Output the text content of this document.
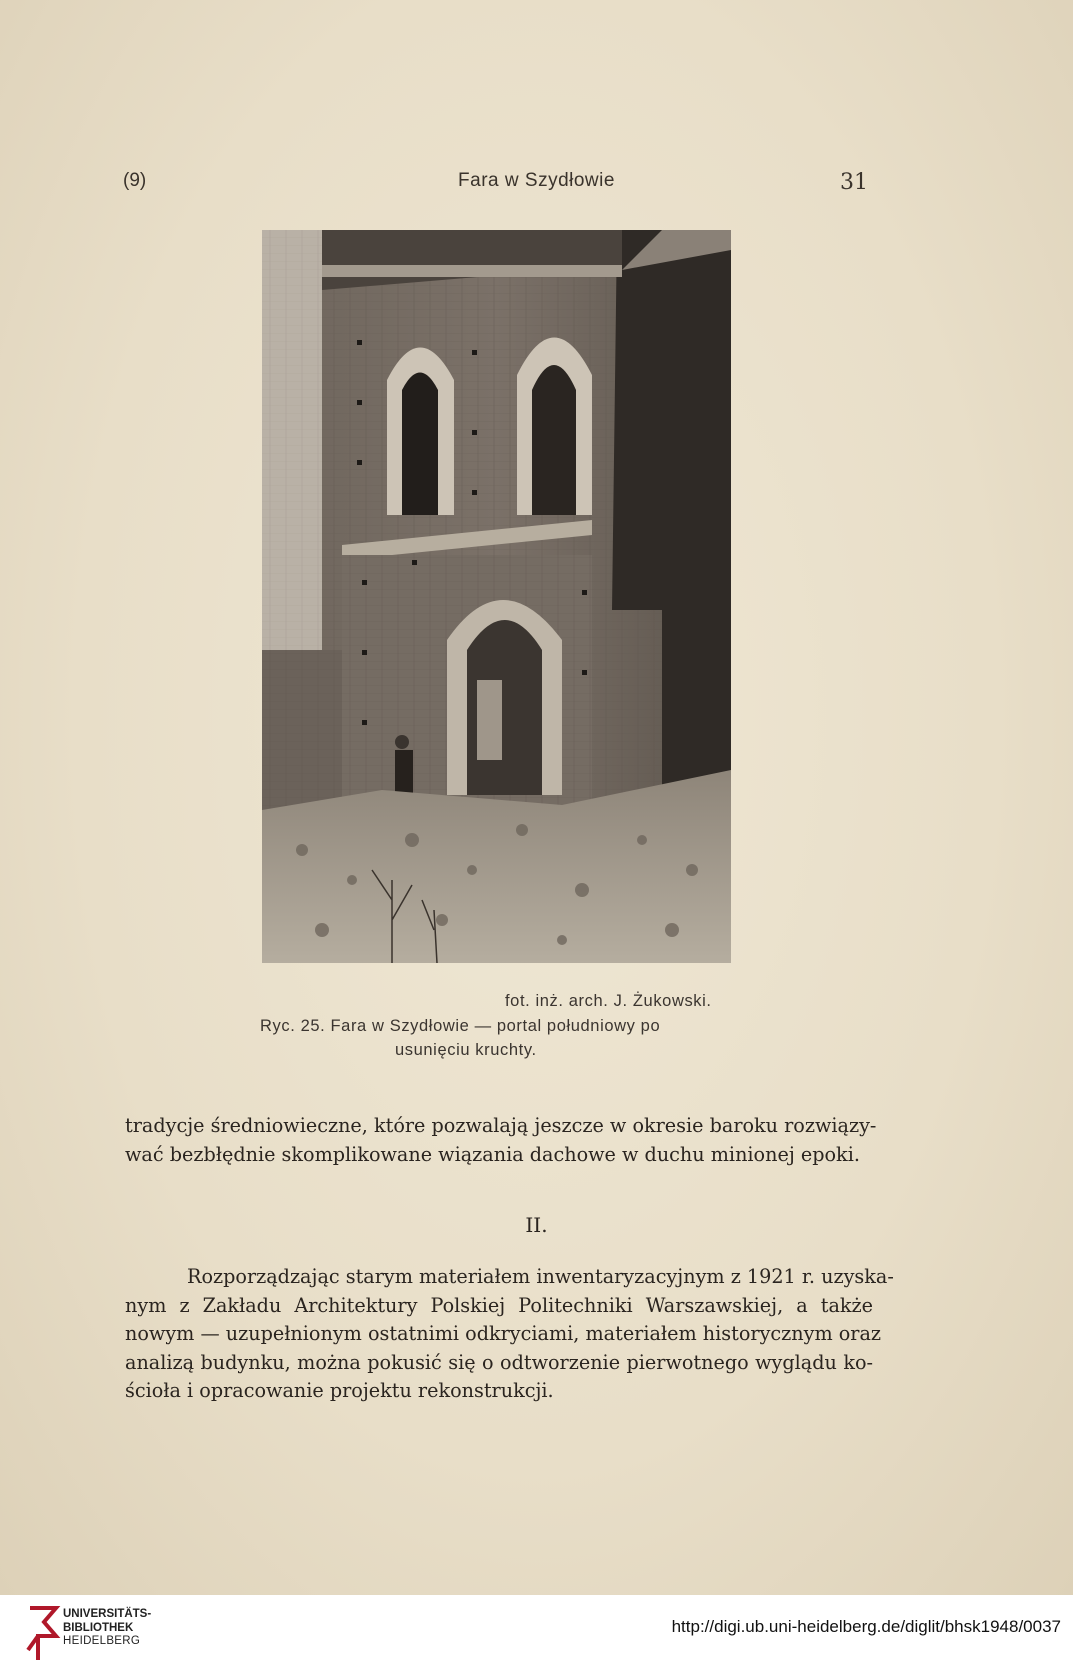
(9)	Fara w Szydłowie	31
fot. inż. arch. J. Żukowski.
Ryc. 25. Fara w Szydłowie — portal południowy po
usunięciu kruchty.
tradycje średniowieczne, które pozwalają jeszcze w okresie baroku rozwiązy-
wać bezbłędnie skomplikowane wiązania dachowe w duchu minionej epoki.
II.
Rozporządzając starym materiałem inwentaryzacyjnym z 1921 r. uzyska-
nym z Zakładu Architektury Polskiej Politechniki Warszawskiej, a także
nowym — uzupełnionym ostatnimi odkryciami, materiałem historycznym oraz
analizą budynku, można pokusić się o odtworzenie pierwotnego wyglądu ko-
ścioła i opracowanie projektu rekonstrukcji.
UNIVERSITÄTS-
BIBLIOTHEK
HEIDELBERG
http://digi.ub.uni-heidelberg.de/diglit/bhsk1948/0037
